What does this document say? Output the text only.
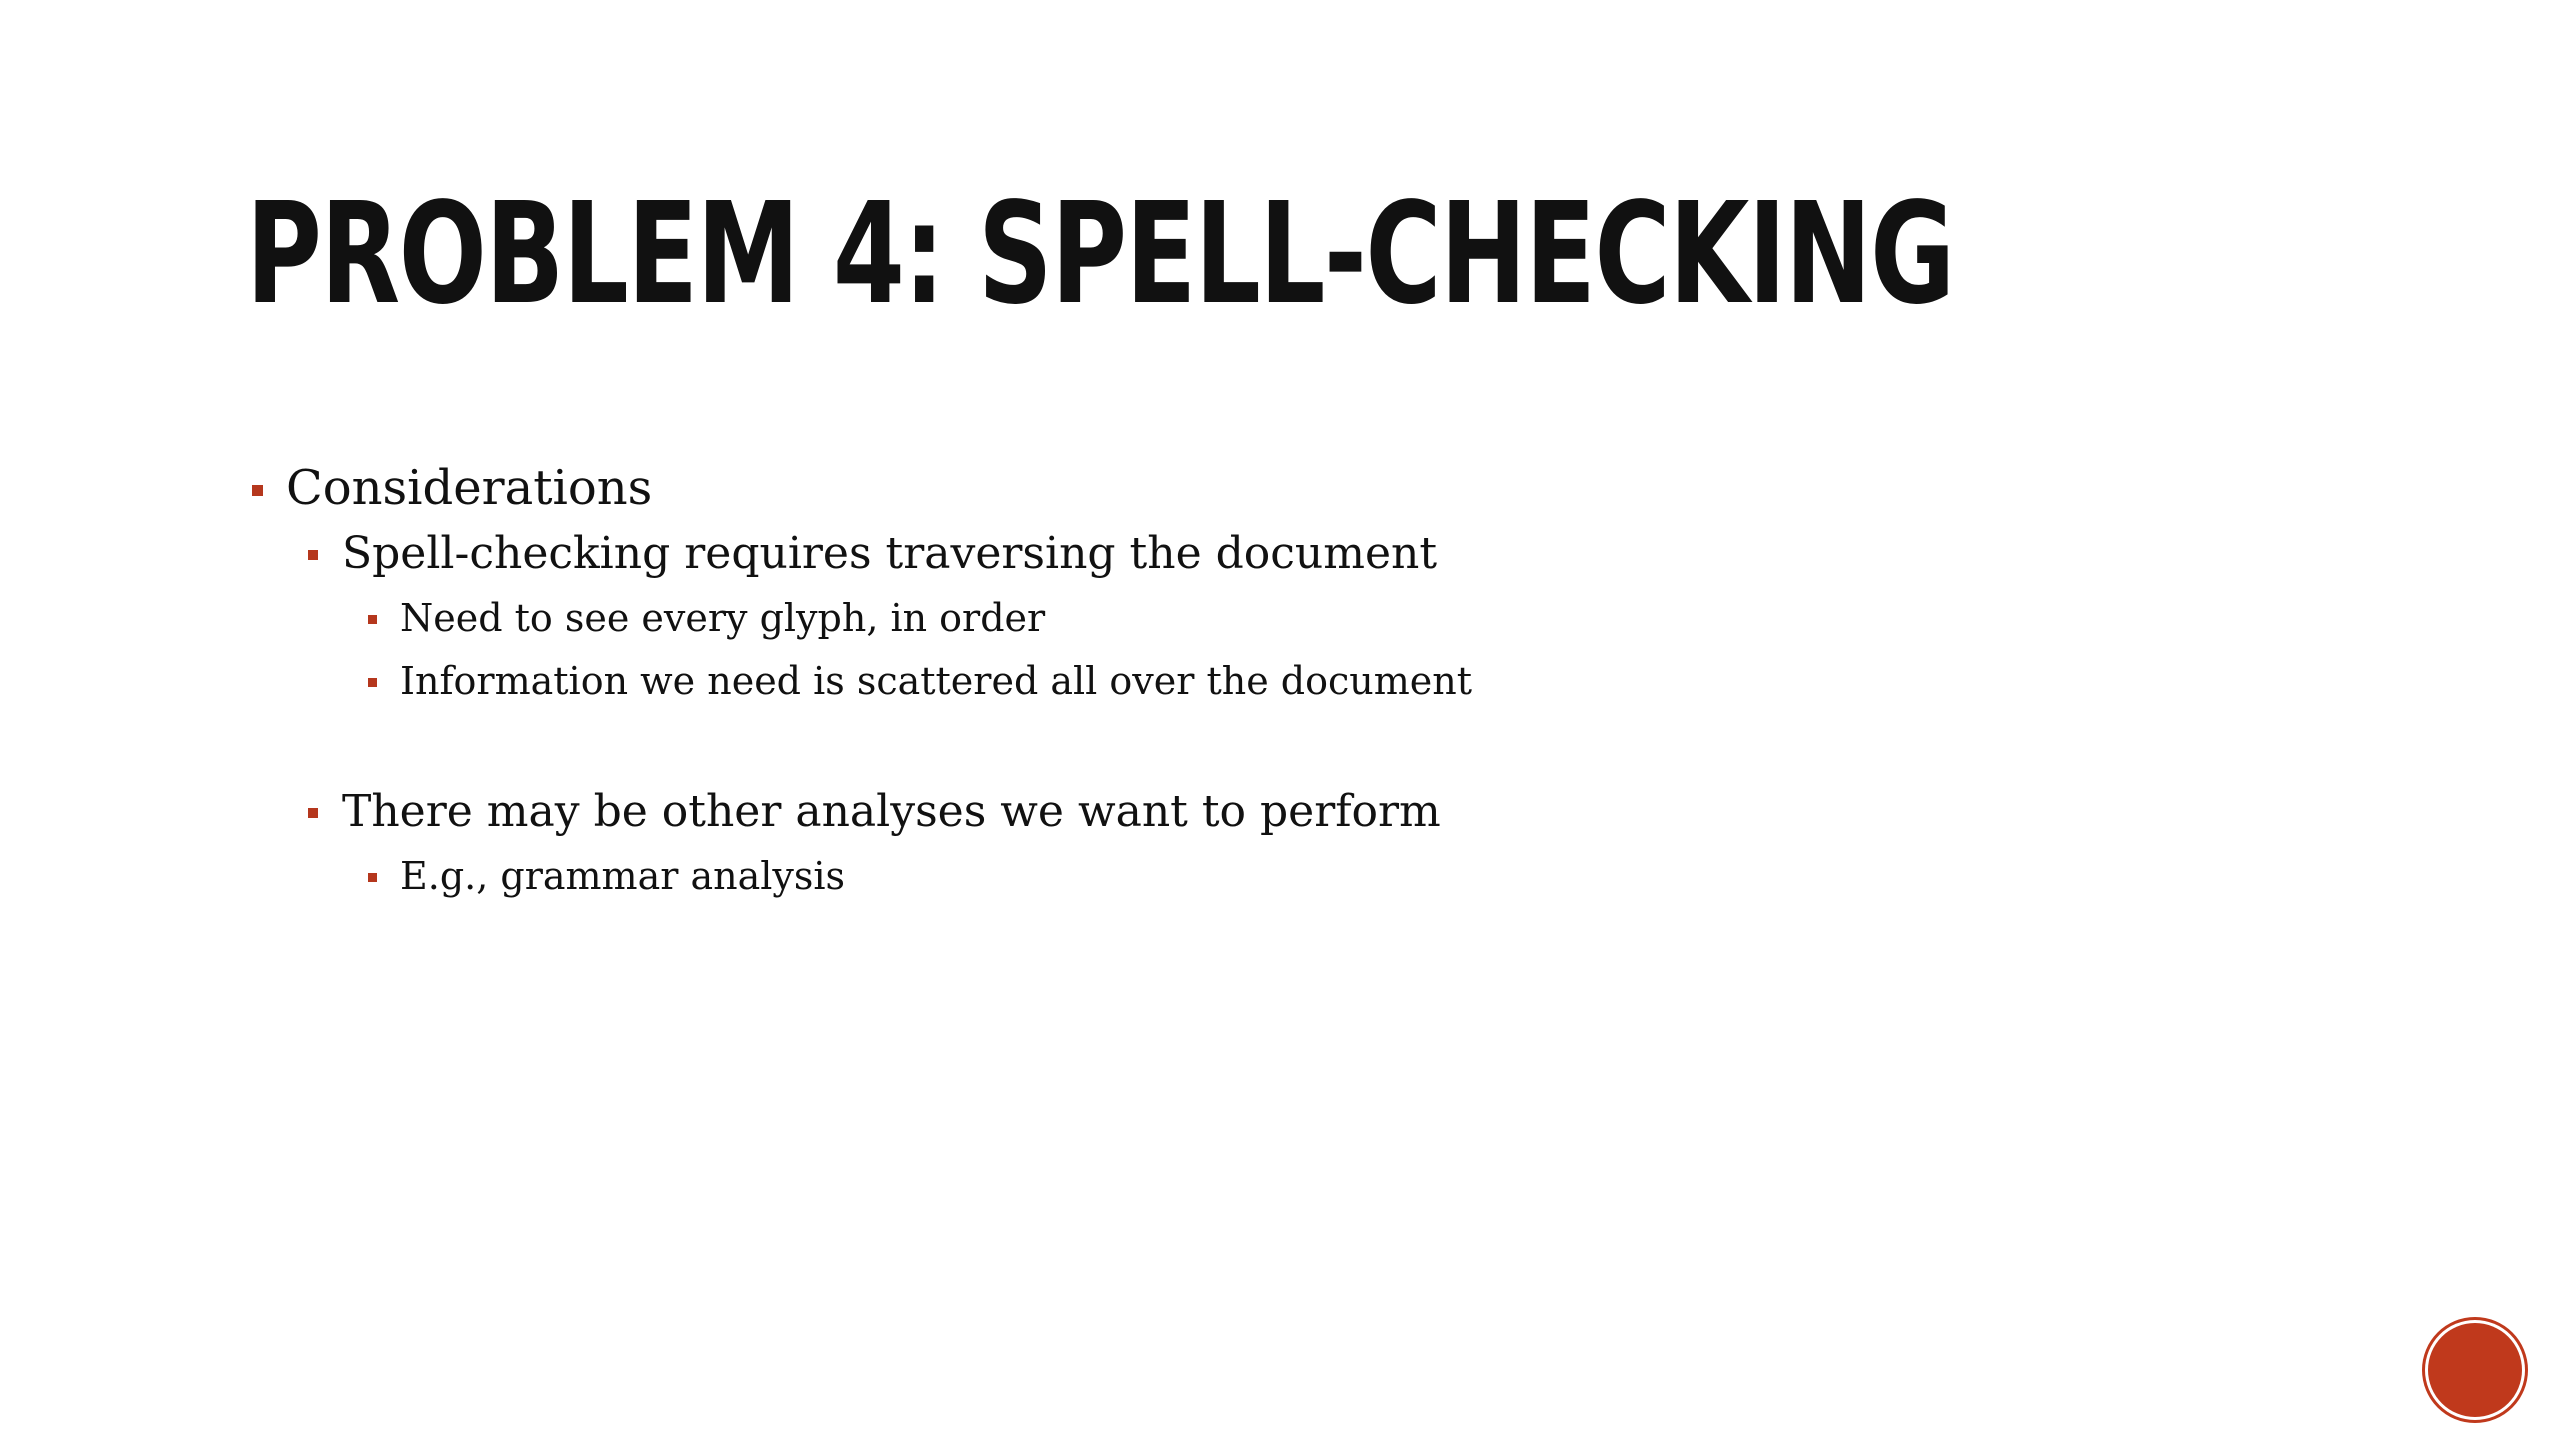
PROBLEM 4: SPELL-CHECKING
Considerations
Spell-checking requires traversing the document
Need to see every glyph, in order
Information we need is scattered all over the document
There may be other analyses we want to perform
E.g., grammar analysis
